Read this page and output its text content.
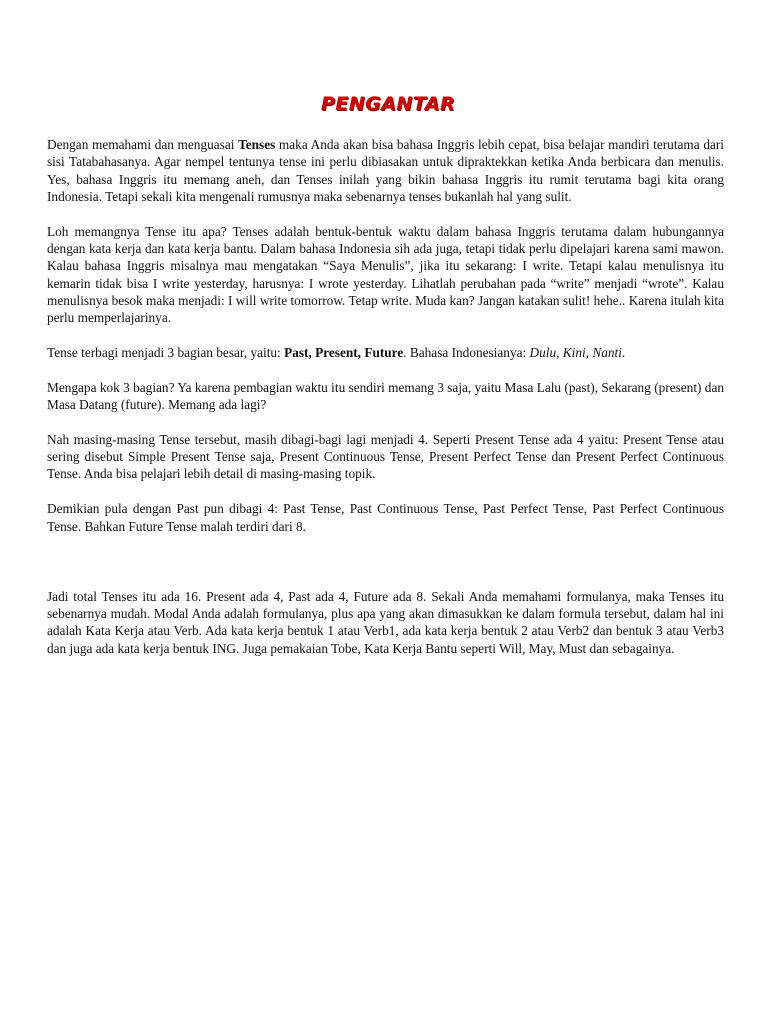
PENGANTAR

Dengan memahami dan menguasai Tenses maka Anda akan bisa bahasa Inggris lebih cepat, bisa belajar mandiri terutama dari sisi Tatabahasanya. Agar nempel tentunya tense ini perlu dibiasakan untuk dipraktekkan ketika Anda berbicara dan menulis. Yes, bahasa Inggris itu memang aneh, dan Tenses inilah yang bikin bahasa Inggris itu rumit terutama bagi kita orang Indonesia. Tetapi sekali kita mengenali rumusnya maka sebenarnya tenses bukanlah hal yang sulit.

Loh memangnya Tense itu apa? Tenses adalah bentuk-bentuk waktu dalam bahasa Inggris terutama dalam hubungannya dengan kata kerja dan kata kerja bantu. Dalam bahasa Indonesia sih ada juga, tetapi tidak perlu dipelajari karena sami mawon. Kalau bahasa Inggris misalnya mau mengatakan “Saya Menulis”, jika itu sekarang: I write. Tetapi kalau menulisnya itu kemarin tidak bisa I write yesterday, harusnya: I wrote yesterday. Lihatlah perubahan pada “write” menjadi “wrote”. Kalau menulisnya besok maka menjadi: I will write tomorrow. Tetap write. Muda kan? Jangan katakan sulit! hehe.. Karena itulah kita perlu memperlajarinya.

Tense terbagi menjadi 3 bagian besar, yaitu: Past, Present, Future. Bahasa Indonesianya: Dulu, Kini, Nanti.

Mengapa kok 3 bagian? Ya karena pembagian waktu itu sendiri memang 3 saja, yaitu Masa Lalu (past), Sekarang (present) dan Masa Datang (future). Memang ada lagi?

Nah masing-masing Tense tersebut, masih dibagi-bagi lagi menjadi 4. Seperti Present Tense ada 4 yaitu: Present Tense atau sering disebut Simple Present Tense saja, Present Continuous Tense, Present Perfect Tense dan Present Perfect Continuous Tense. Anda bisa pelajari lebih detail di masing-masing topik.

Demikian pula dengan Past pun dibagi 4: Past Tense, Past Continuous Tense, Past Perfect Tense, Past Perfect Continuous Tense. Bahkan Future Tense malah terdiri dari 8.

Jadi total Tenses itu ada 16. Present ada 4, Past ada 4, Future ada 8. Sekali Anda memahami formulanya, maka Tenses itu sebenarnya mudah. Modal Anda adalah formulanya, plus apa yang akan dimasukkan ke dalam formula tersebut, dalam hal ini adalah Kata Kerja atau Verb. Ada kata kerja bentuk 1 atau Verb1, ada kata kerja bentuk 2 atau Verb2 dan bentuk 3 atau Verb3 dan juga ada kata kerja bentuk ING. Juga pemakaian Tobe, Kata Kerja Bantu seperti Will, May, Must dan sebagainya.
